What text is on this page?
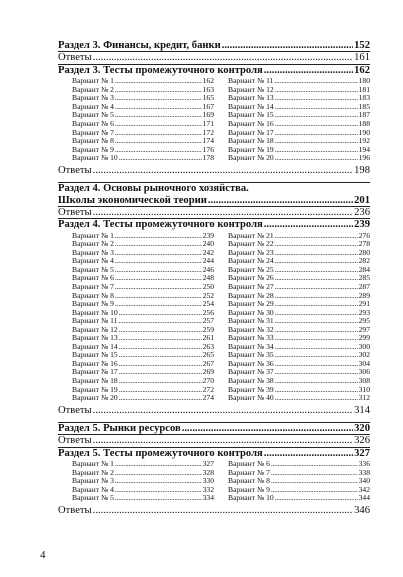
Раздел 3. Финансы, кредит, банки .....	152
Ответы .....	161
Раздел 3. Тесты промежуточного контроля .....	162
Вариант № 1 .....	162
Вариант № 2 .....	163
Вариант № 3 .....	165
Вариант № 4 .....	167
Вариант № 5 .....	169
Вариант № 6 .....	171
Вариант № 7 .....	172
Вариант № 8 .....	174
Вариант № 9 .....	176
Вариант № 10 .....	178
Вариант № 11 .....	180
Вариант № 12 .....	181
Вариант № 13 .....	183
Вариант № 14 .....	185
Вариант № 15 .....	187
Вариант № 16 .....	188
Вариант № 17 .....	190
Вариант № 18 .....	192
Вариант № 19 .....	194
Вариант № 20 .....	196
Ответы .....	198
Раздел 4. Основы рыночного хозяйства.
Школы экономической теории .....	201
Ответы .....	236
Раздел 4. Тесты промежуточного контроля .....	239
Вариант № 1 .....	239
Вариант № 2 .....	240
Вариант № 3 .....	242
Вариант № 4 .....	244
Вариант № 5 .....	246
Вариант № 6 .....	248
Вариант № 7 .....	250
Вариант № 8 .....	252
Вариант № 9 .....	254
Вариант № 10 .....	256
Вариант № 11 .....	257
Вариант № 12 .....	259
Вариант № 13 .....	261
Вариант № 14 .....	263
Вариант № 15 .....	265
Вариант № 16 .....	267
Вариант № 17 .....	269
Вариант № 18 .....	270
Вариант № 19 .....	272
Вариант № 20 .....	274
Вариант № 21 .....	276
Вариант № 22 .....	278
Вариант № 23 .....	280
Вариант № 24 .....	282
Вариант № 25 .....	284
Вариант № 26 .....	285
Вариант № 27 .....	287
Вариант № 28 .....	289
Вариант № 29 .....	291
Вариант № 30 .....	293
Вариант № 31 .....	295
Вариант № 32 .....	297
Вариант № 33 .....	299
Вариант № 34 .....	300
Вариант № 35 .....	302
Вариант № 36 .....	304
Вариант № 37 .....	306
Вариант № 38 .....	308
Вариант № 39 .....	310
Вариант № 40 .....	312
Ответы .....	314
Раздел 5. Рынки ресурсов .....	320
Ответы .....	326
Раздел 5. Тесты промежуточного контроля .....	327
Вариант № 1 .....	327
Вариант № 2 .....	328
Вариант № 3 .....	330
Вариант № 4 .....	332
Вариант № 5 .....	334
Вариант № 6 .....	336
Вариант № 7 .....	338
Вариант № 8 .....	340
Вариант № 9 .....	342
Вариант № 10 .....	344
Ответы .....	346
4
